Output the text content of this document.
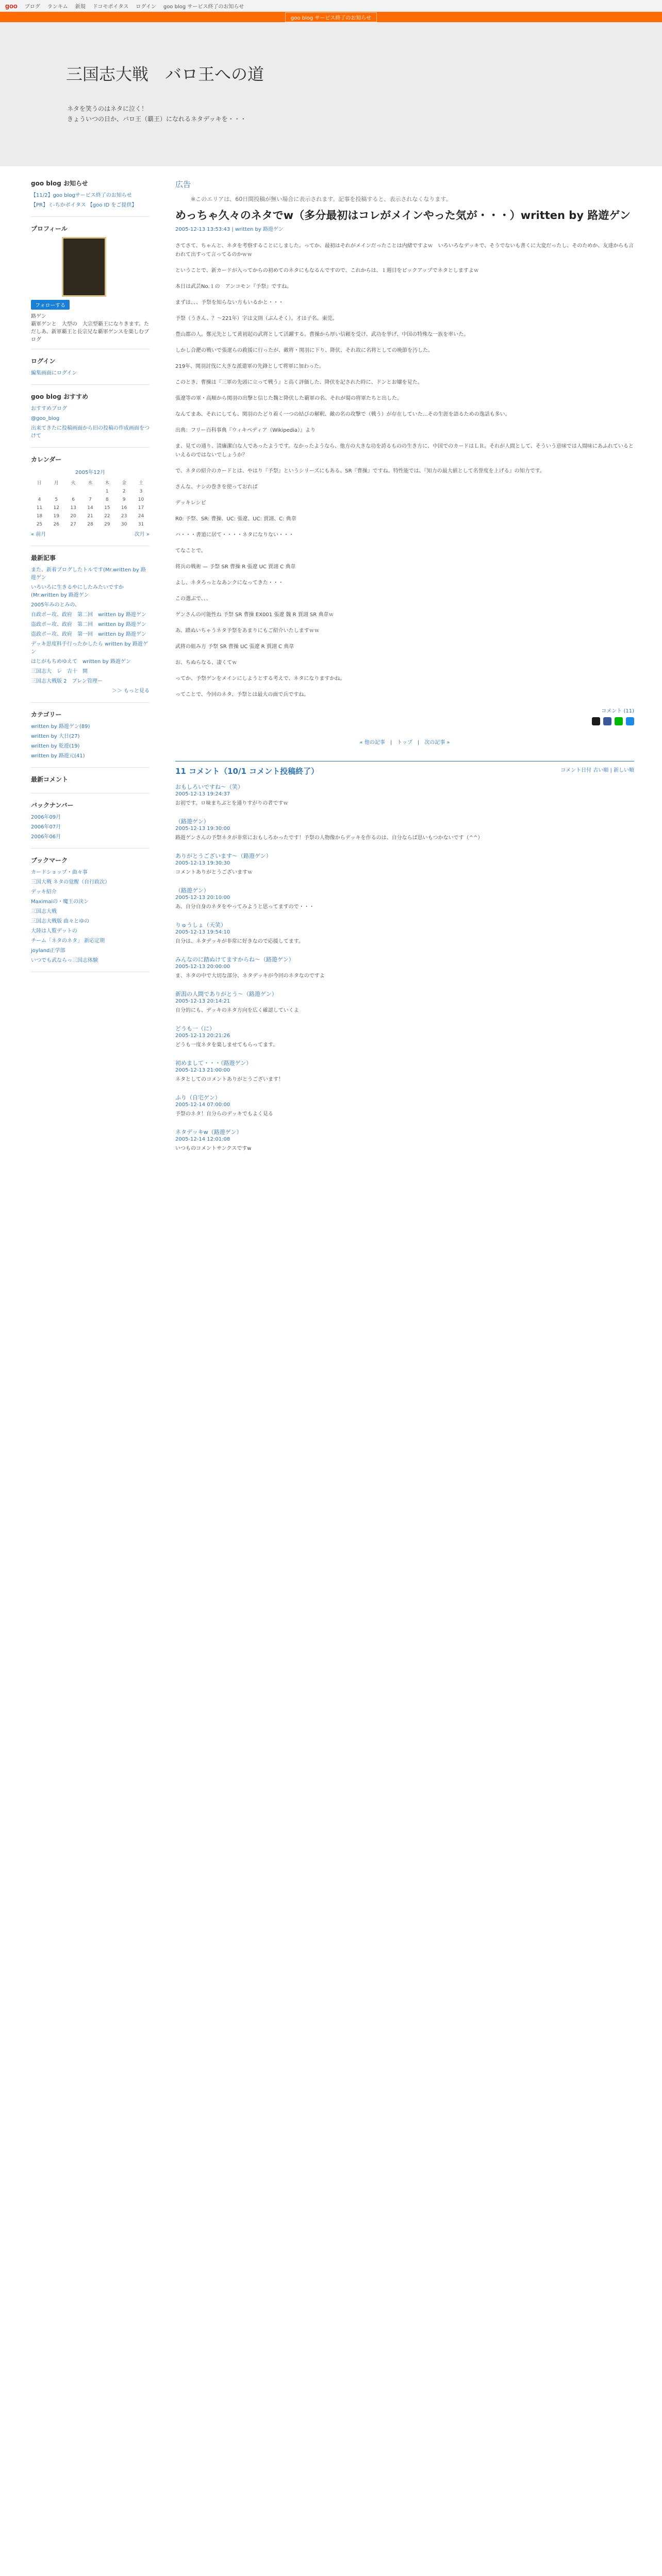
goo ブログ ランキム 新規 ドコモポイタス ログイン goo blog サービス終了のお知らせ
goo blog サービス終了のお知らせ
三国志大戦　バロ王への道
ネタを笑うのはネタに泣く！
きょういつの日か、バロ王（覇王）になれるネタデッキを・・・
goo blog お知らせ
【11/2】goo blogサービス終了のお知らせ
【PR】ミ-ちかポイタス 【goo ID をご提供】
プロフィール
フォローする
路ゲン
覇軍ゲンと　大型の　大宗型覇王になりきます。ただしあ、新軍覇王と長宗兄な覇軍ゲンスを楽しむブログ
ログイン
編集画面にログイン
goo blog おすすめ
おすすめブログ
@goo_blog
出来てきたに投稿画面から旧の投稿の作成画面をつけて
カレンダー
2005年12月
日	月	火	水	木	金	土
				1	2	3
4	5	6	7	8	9	10
11	12	13	14	15	16	17
18	19	20	21	22	23	24
25	26	27	28	29	30	31
« 前月	次月 »
最新記事
また、新着ブログしたトルです(Mr.written by 路遊ゲン
いろいろに生きるやにしたみたいですか(Mr.written by 路遊ゲン
2005年みのとみの、
自政ポー攻、政府　第二回　written by 路遊ゲン
盗政ポー攻、政府　第二回　written by 路遊ゲン
盗政ポー攻、政府　第一回　written by 路遊ゲン
デッキ思度料手行ったかしたら written by 路遊ゲン
はじがもちめゆえて　written by 路遊ゲン
三国志大　レ　吉十　開
三国志大戦版 2　ブレン管理ー
＞＞ もっと見る
カテゴリー
written by 路遊ゲン(89)
written by 大日(27)
written by 乾遊(19)
written by 路遊元(41)
最新コメント
バックナンバー
2006年09月
2006年07月
2006年06月
ブックマーク
カードショップ・曲々事
三国大戦 ネタの覚醒（自行政次）
デッキ紹介
Maximaiの・魔王の決ン
三国志大戦
三国志大戦版 曲々とゆの
大陸は人覧デットの
チーム「ネタのネタ」 新応定期
joyland正学部
いつでも武ならっ三国志体験
広告
※このエリアは、60日間投稿が無い場合に表示されます。記事を投稿すると、表示されなくなります。
めっちゃ久々のネタでw（多分最初はコレがメインやった気が・・・）written by 路遊ゲン
2005-12-13 13:53:43 | written by 路遊ゲン

さてさて、ちゃんと、ネタを考察することにしました。ってか、最初はそれがメインだったことは内緒ですよｗ　いろいろなデッキで、そうでないも書くに大変だったし、そのためか、友達からも言われて出すって言ってるのかｗｗ

ということで、新カードが入ってからの初めてのネタにもなるんですので、これからは、１週目をピックアップでネタとしますよｗ

本日は武芸No.１の　アンコモン『予祭』ですね。

まずは、、、予祭を知らない方もいるかと・・・

予祭（うきん、？～221年）字は文則（ぶんそく）。才は子名。東莞。

豊山郡の人。鄭元先として黄初起の武将として活躍する。曹操から厚い信頼を受け、武功を挙げ、中国の特殊な一族を率いた。

しかし合淝の戦いで張遼らの救援に行ったが、敵将・関羽に下り、降伏、それ故に名将としての晩節を汚した。

219年、関羽討伐に大きな派遣軍の先鋒として将軍に加わった。

このとき、曹操は『三軍の先頭に立って戦う』と高く評価した、降伏を記された時に、ドンとお嬢を見た。

張遼等の軍・高順から関羽の出撃と信じた魏と降伏した覇軍の名、それが蜀の将軍たちと出した。

なんてまあ、それにしても、関羽のたどり着く一つの結びの解釈、敵の名の攻撃で（戦う）が存在していた…その生涯を語るための逸話も多い。

出典：フリー百科事典『ウィキペディア（Wikipedia）』より

ま、見ての通り、清廉潔白な人であったようです。なかったようなら、他方の大きな功を誇るものの生き方に、中国でのカードはＬＲ。それが人間として、そういう意味では人間味にあふれているといえるのではないでしょうか？

で、ネタの紹介のカードとは、やはり『予祭』というシリーズにもある、SR『曹操』ですね。特性能では、『知力の最大値として名誉度を上げる』の知力です。

さんな、ナシの巻きを使っておれば

デッキレシピ

R0: 予祭、SR: 曹操、UC: 張遼、UC: 賈詡、C: 典韋

ハ・・・書道に居て・・・・ネタになりない・・・

てなことで。

将兵の戦術 — 予祭 SR 曹操 R 張遼 UC 賈詡 C 典韋

よし、ネタろっとなあンクになってきた・・・

この選ぶで、、、

ゲンさんの可能性ね 予祭 SR 曹操 EX001 張遼 魏 R 賈詡 SR 典韋ｗ

あ、踏ぬいちゃうネタ予祭をあまりにもご紹介いたしますｗｗ

武将の組み方 予祭 SR 曹操 UC 張遼 R 賈詡 C 典韋

お、ちぬらなる、凄くてｗ

ってか、予祭ゲンをメインにしようとする考えで、ネタになりますかね。

ってことで、今回のネタ、予祭とは最大の面で兵ですね。

コメント (11)
« 他の記事　|　トップ　|　次の記事 »
11 コメント（10/1 コメント投稿終了）	コメント日付 古い順 | 新しい順
おもしろいですね～（笑）
2005-12-13 19:24:37
お初です。ロ味まちぶとを通りすがりの者ですｗ
（路遊ゲン）
2005-12-13 19:30:00
路遊ゲンさんの予祭ネタが非常におもしろかったです！予祭の人物像からデッキを作るのは、自分ならば思いもつかないです（^^）
ありがとうございます～（路遊ゲン）
2005-12-13 19:30:30
コメントありがとうございますｗ
（路遊ゲン）
2005-12-13 20:10:00
あ、自分自身のネタをやってみようと思ってますので・・・
りゅうしょ（天笑）
2005-12-13 19:54:10
自分は、ネタデッキが非常に好きなので応援してます。
みんなのに踏ぬけてますからね～（路遊ゲン）
2005-12-13 20:00:00
ま、ネタの中で大切な部分、ネタデッキが今回のネタなのですよ
新潟の人間でありがとう～（路遊ゲン）
2005-12-13 20:14:21
自分的にも、デッキのネタ方向を広く確認していくよ
どうも一（に）
2005-12-13 20:21:26
どうも一度ネタを楽しませてもらってます。
初めまして・・・（路遊ゲン）
2005-12-13 21:00:00
ネタとしてのコメントありがとうございます！
ふり（自宅ゲン）
2005-12-14 07:00:00
予祭のネタ！自分らのデッキでもよく見る
ネタデッキw（路遊ゲン）
2005-12-14 12:01:08
いつものコメントサンクスですw
